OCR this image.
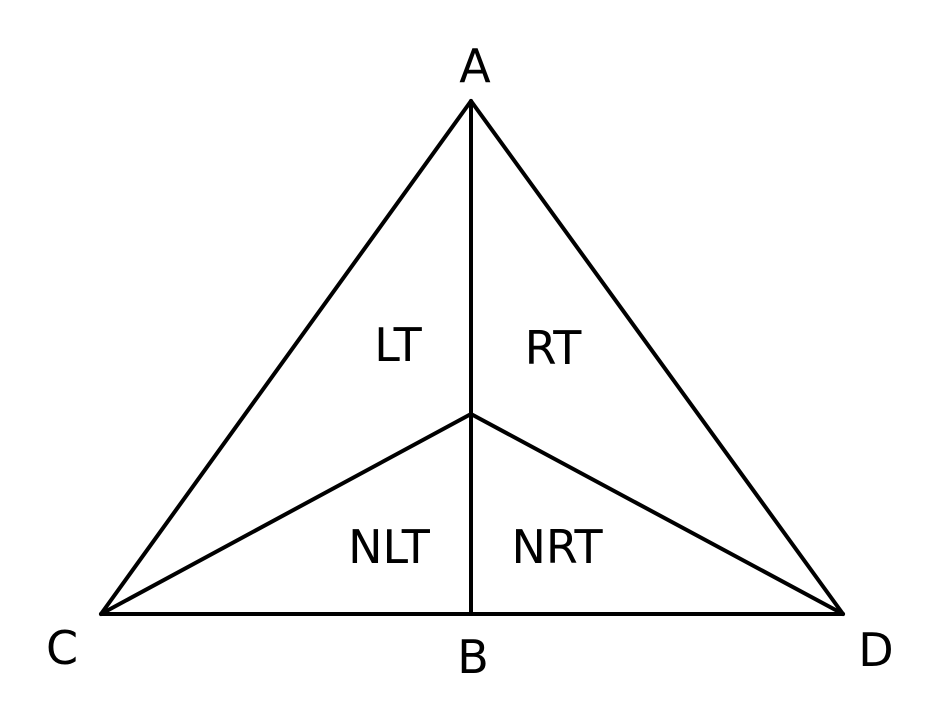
A
B
C	D
LT RT
NLT NRT
